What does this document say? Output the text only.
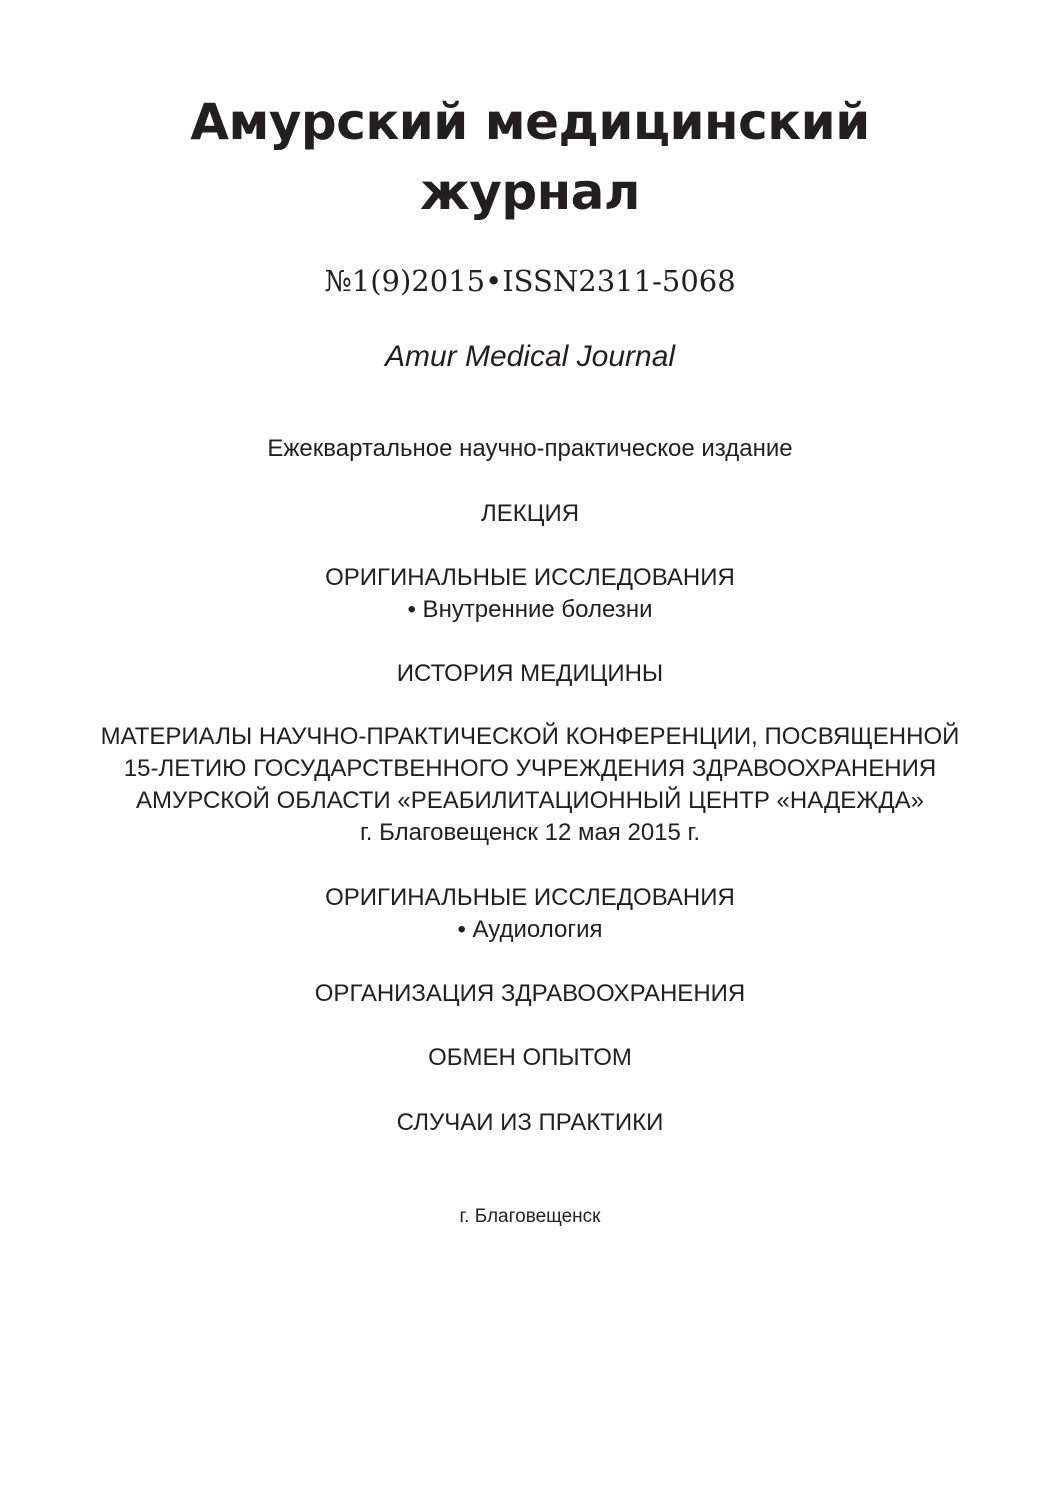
Амурский медицинский
журнал
№1(9)2015•ISSN2311-5068
Amur Medical Journal
Ежеквартальное научно-практическое издание
ЛЕКЦИЯ
ОРИГИНАЛЬНЫЕ ИССЛЕДОВАНИЯ
• Внутренние болезни
ИСТОРИЯ МЕДИЦИНЫ
МАТЕРИАЛЫ НАУЧНО-ПРАКТИЧЕСКОЙ КОНФЕРЕНЦИИ, ПОСВЯЩЕННОЙ
15-ЛЕТИЮ ГОСУДАРСТВЕННОГО УЧРЕЖДЕНИЯ ЗДРАВООХРАНЕНИЯ
АМУРСКОЙ ОБЛАСТИ «РЕАБИЛИТАЦИОННЫЙ ЦЕНТР «НАДЕЖДА»
г. Благовещенск 12 мая 2015 г.
ОРИГИНАЛЬНЫЕ ИССЛЕДОВАНИЯ
• Аудиология
ОРГАНИЗАЦИЯ ЗДРАВООХРАНЕНИЯ
ОБМЕН ОПЫТОМ
СЛУЧАИ ИЗ ПРАКТИКИ
г. Благовещенск
